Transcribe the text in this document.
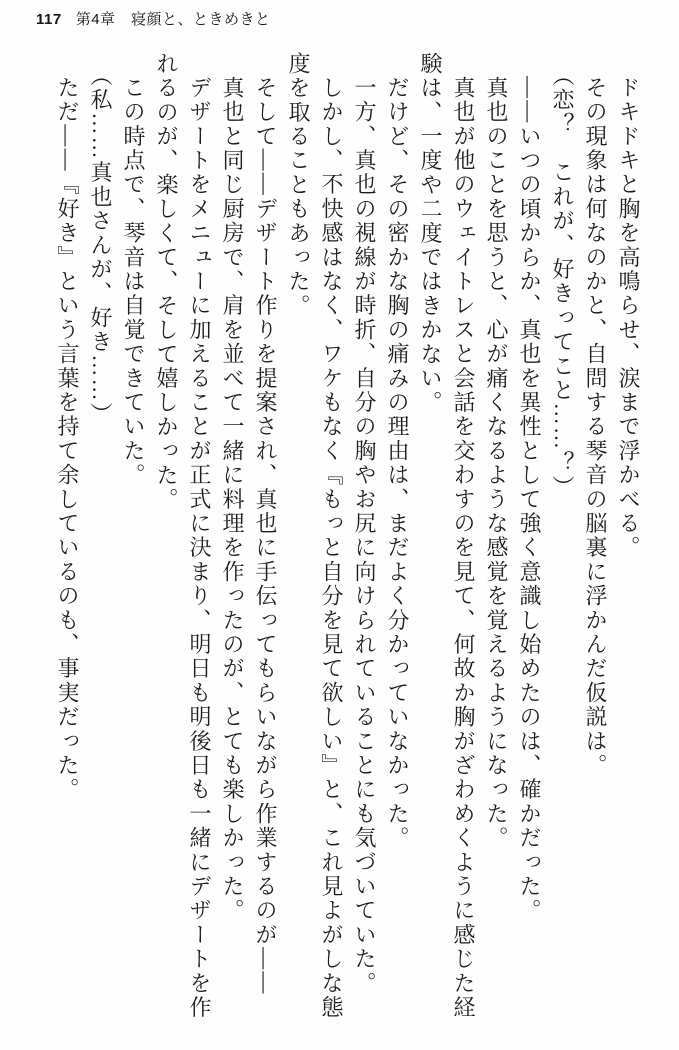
117 第4章　寝顔と、ときめきと

ドキドキと胸を高鳴らせ、涙まで浮かべる。

その現象は何なのかと、自問する琴音の脳裏に浮かんだ仮説は。

（恋？　これが、好きってこと……？）

――いつの頃からか、真也を異性として強く意識し始めたのは、確かだった。

真也のことを思うと、心が痛くなるような感覚を覚えるようになった。

真也が他のウェイトレスと会話を交わすのを見て、何故か胸がざわめくように感じた経験は、一度や二度ではきかない。

だけど、その密かな胸の痛みの理由は、まだよく分かっていなかった。

一方、真也の視線が時折、自分の胸やお尻に向けられていることにも気づいていた。

しかし、不快感はなく、ワケもなく『もっと自分を見て欲しい』と、これ見よがしな態度を取ることもあった。

そして――デザート作りを提案され、真也に手伝ってもらいながら作業するのが――

真也と同じ厨房で、肩を並べて一緒に料理を作ったのが、とても楽しかった。

デザートをメニューに加えることが正式に決まり、明日も明後日も一緒にデザートを作れるのが、楽しくて、そして嬉しかった。

この時点で、琴音は自覚できていた。

（私……真也さんが、好き……）

ただ――『好き』という言葉を持て余しているのも、事実だった。
